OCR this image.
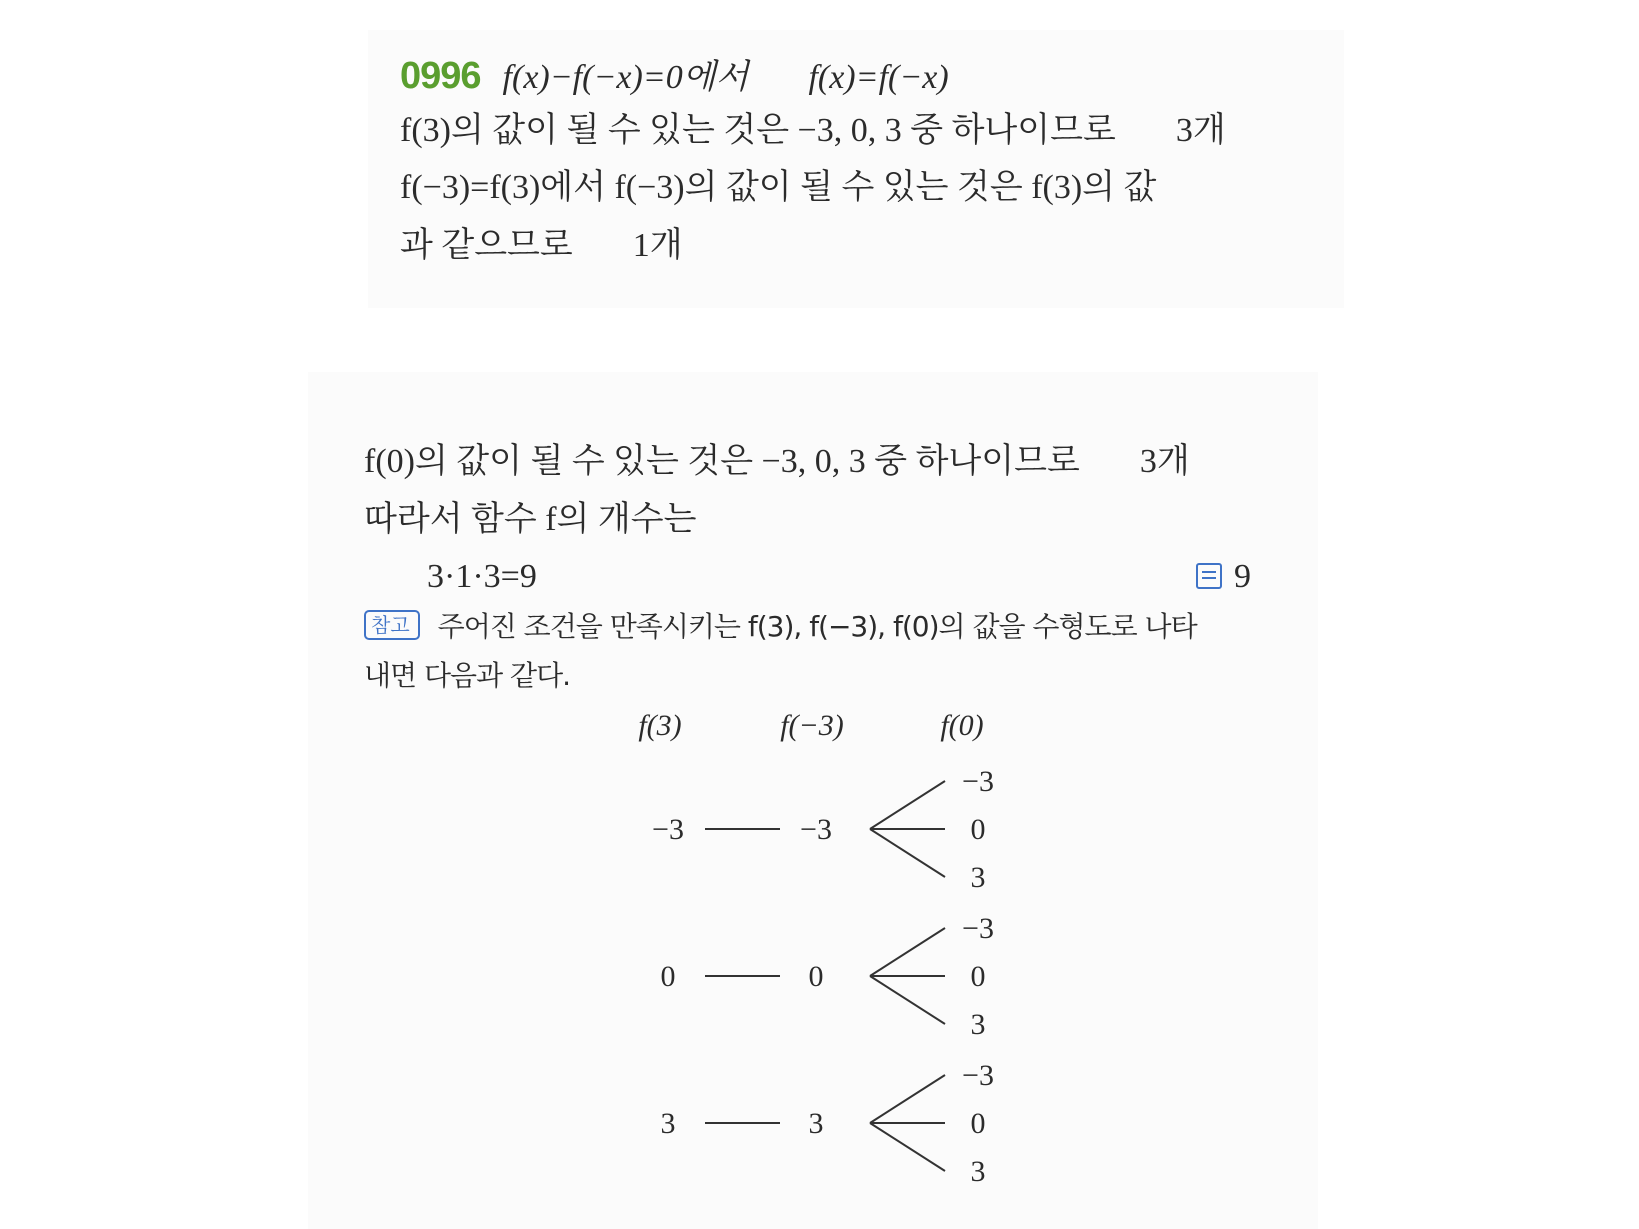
0996 f(x)−f(−x)=0에서 f(x)=f(−x)
f(3)의 값이 될 수 있는 것은 −3, 0, 3 중 하나이므로 3개
f(−3)=f(3)에서 f(−3)의 값이 될 수 있는 것은 f(3)의 값
과 같으므로 1개
f(0)의 값이 될 수 있는 것은 −3, 0, 3 중 하나이므로 3개
따라서 함수 f의 개수는
3·1·3=9	9
참고 주어진 조건을 만족시키는 f(3), f(−3), f(0)의 값을 수형도로 나타
내면 다음과 같다.
f(3)	f(−3)	f(0)
−3	−3
−3
0
3
0	0
−3
0
3
3	3
−3
0
3
